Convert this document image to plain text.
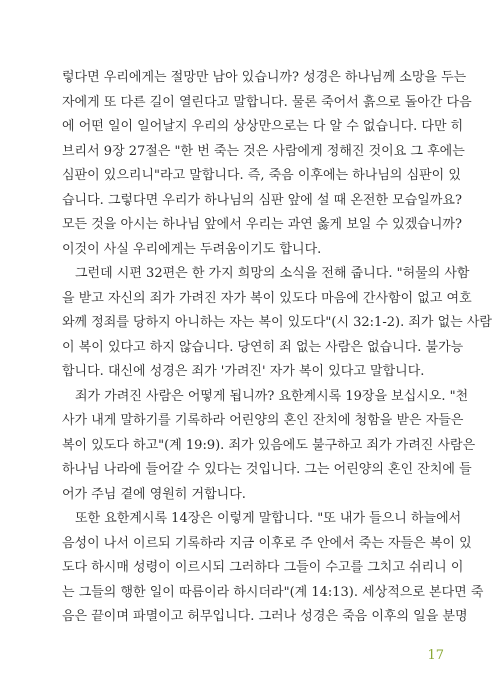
렇다면 우리에게는 절망만 남아 있습니까? 성경은 하나님께 소망을 두는
자에게 또 다른 길이 열린다고 말합니다. 물론 죽어서 흙으로 돌아간 다음
에 어떤 일이 일어날지 우리의 상상만으로는 다 알 수 없습니다. 다만 히
브리서 9장 27절은 "한 번 죽는 것은 사람에게 정해진 것이요 그 후에는
심판이 있으리니"라고 말합니다. 즉, 죽음 이후에는 하나님의 심판이 있
습니다. 그렇다면 우리가 하나님의 심판 앞에 설 때 온전한 모습일까요?
모든 것을 아시는 하나님 앞에서 우리는 과연 옳게 보일 수 있겠습니까?
이것이 사실 우리에게는 두려움이기도 합니다.
그런데 시편 32편은 한 가지 희망의 소식을 전해 줍니다. "허물의 사함
을 받고 자신의 죄가 가려진 자가 복이 있도다 마음에 간사함이 없고 여호
와께 정죄를 당하지 아니하는 자는 복이 있도다"(시 32:1-2). 죄가 없는 사람
이 복이 있다고 하지 않습니다. 당연히 죄 없는 사람은 없습니다. 불가능
합니다. 대신에 성경은 죄가 '가려진' 자가 복이 있다고 말합니다.
죄가 가려진 사람은 어떻게 됩니까? 요한계시록 19장을 보십시오. "천
사가 내게 말하기를 기록하라 어린양의 혼인 잔치에 청함을 받은 자들은
복이 있도다 하고"(계 19:9). 죄가 있음에도 불구하고 죄가 가려진 사람은
하나님 나라에 들어갈 수 있다는 것입니다. 그는 어린양의 혼인 잔치에 들
어가 주님 곁에 영원히 거합니다.
또한 요한계시록 14장은 이렇게 말합니다. "또 내가 들으니 하늘에서
음성이 나서 이르되 기록하라 지금 이후로 주 안에서 죽는 자들은 복이 있
도다 하시매 성령이 이르시되 그러하다 그들이 수고를 그치고 쉬리니 이
는 그들의 행한 일이 따름이라 하시더라"(계 14:13). 세상적으로 본다면 죽
음은 끝이며 파멸이고 허무입니다. 그러나 성경은 죽음 이후의 일을 분명
17
